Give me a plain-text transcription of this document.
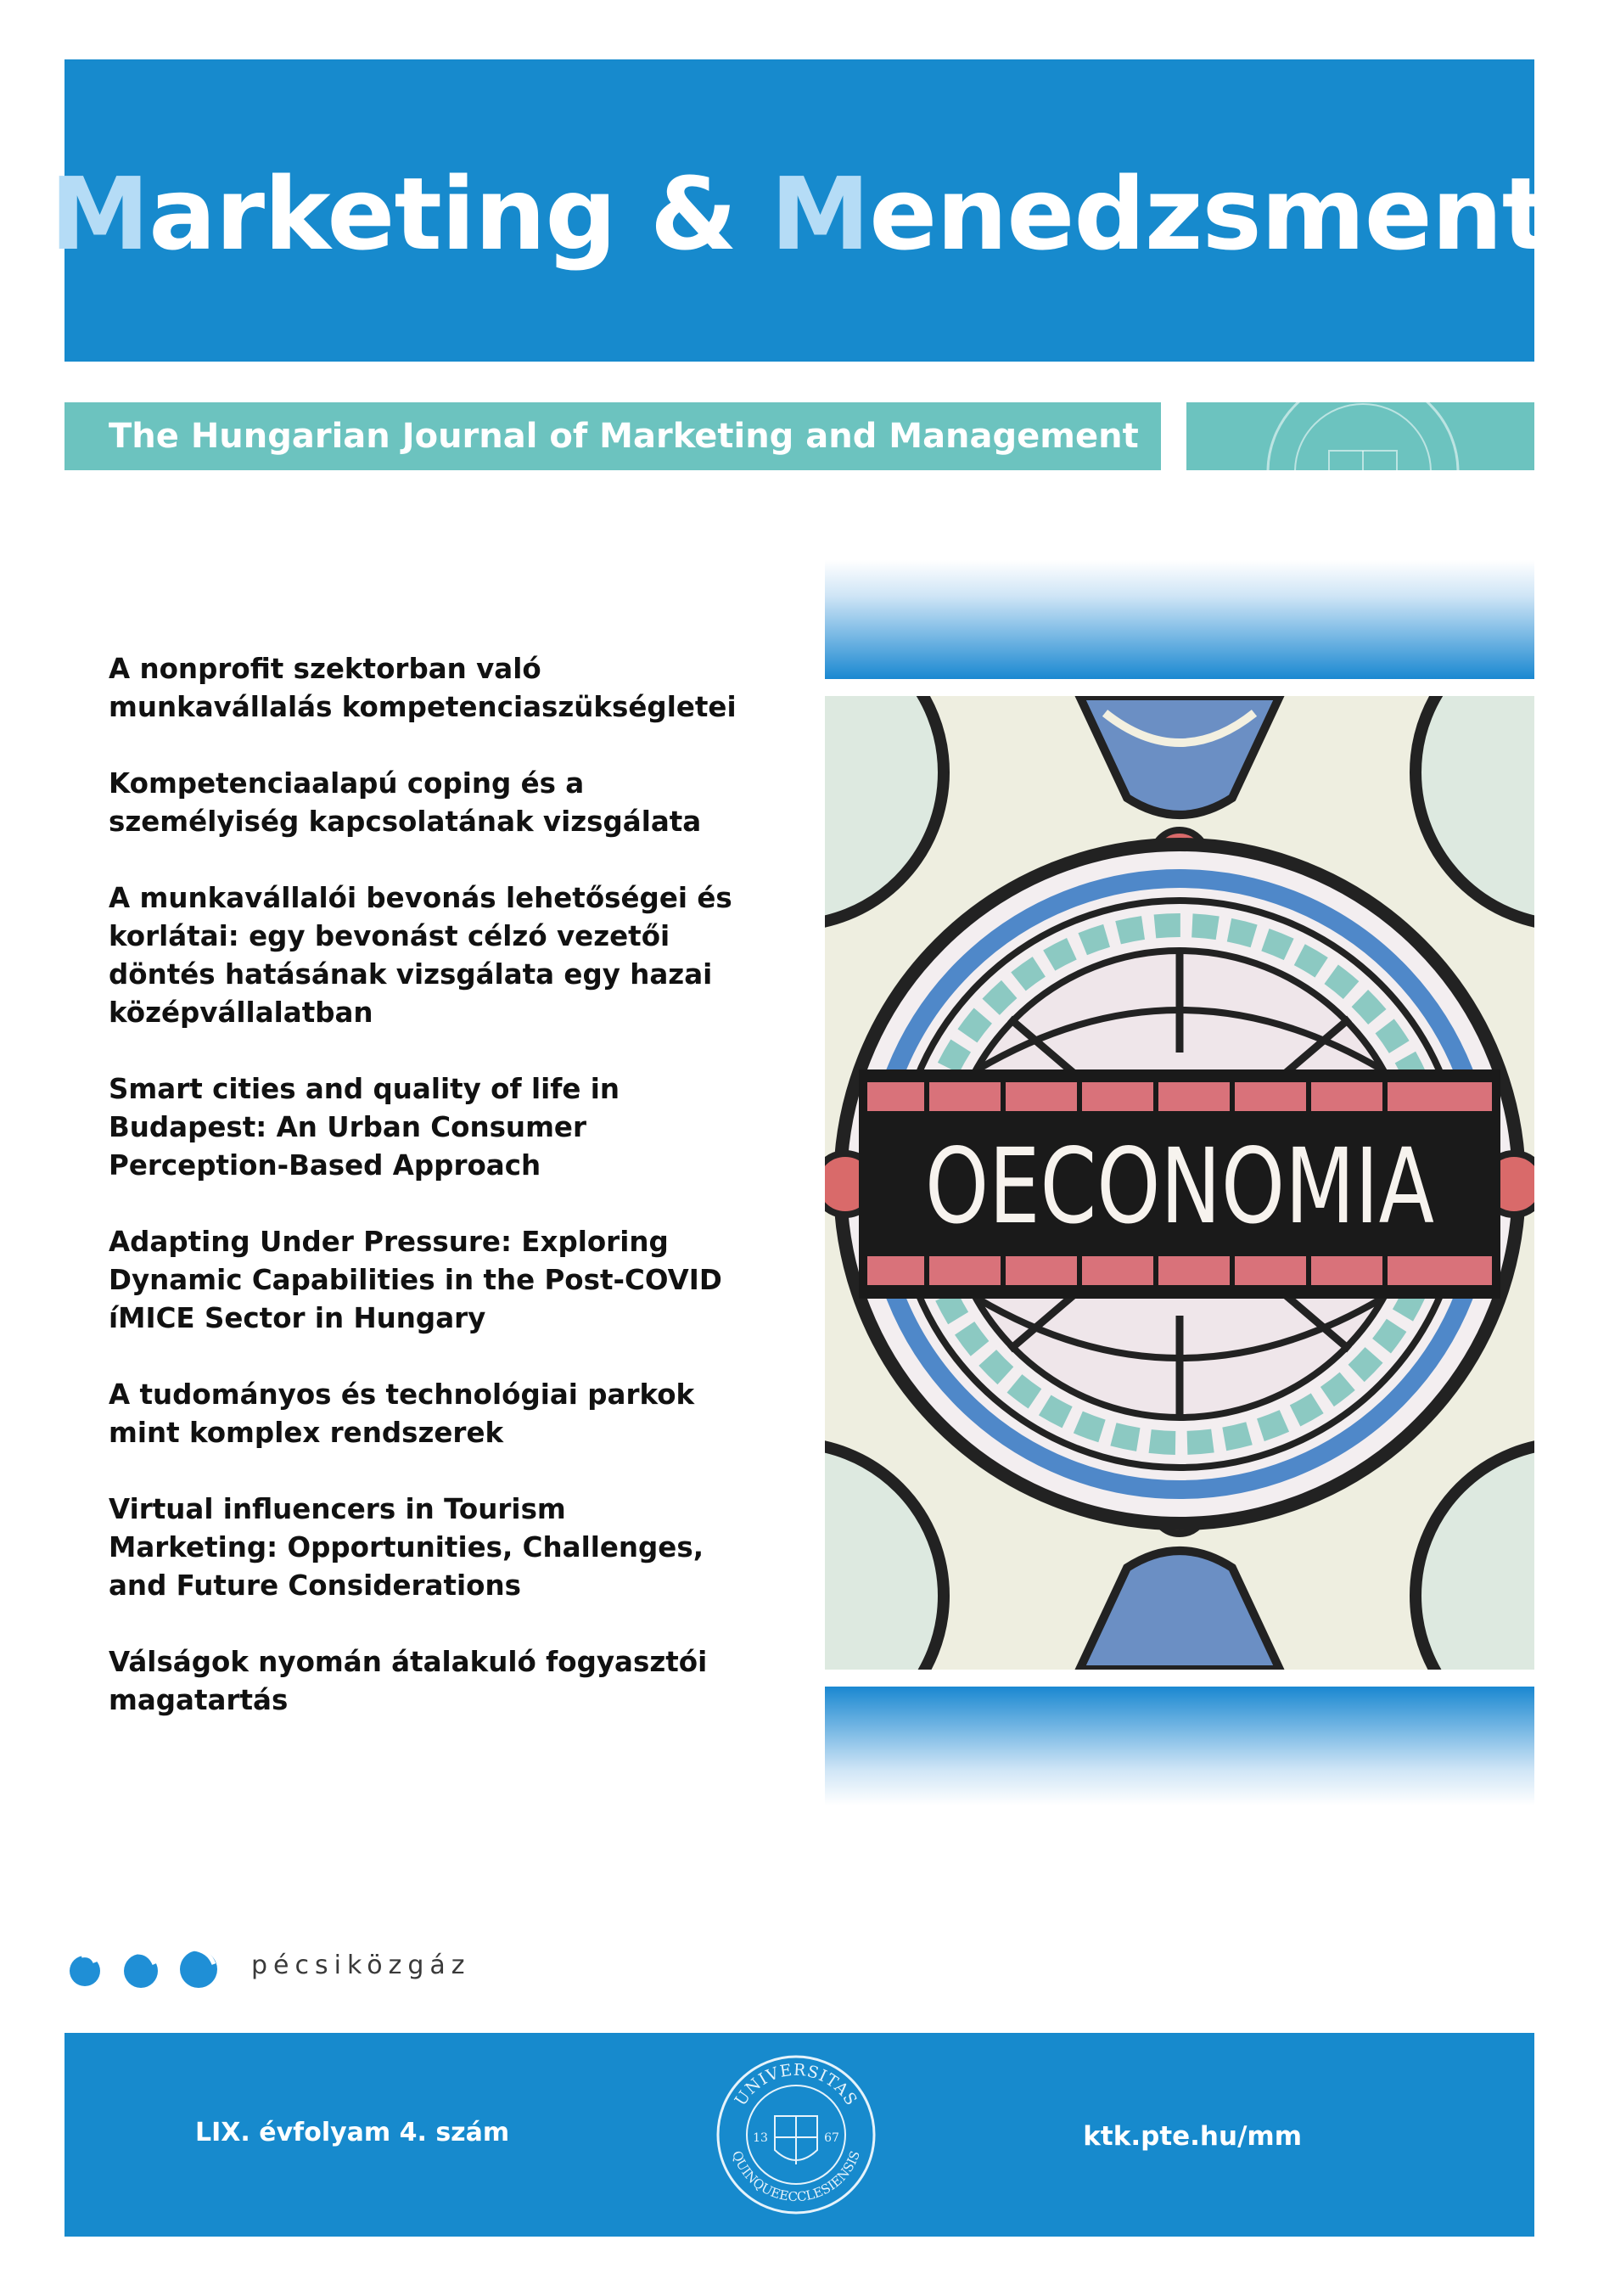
Marketing & Menedzsment
The Hungarian Journal of Marketing and Management
A nonprofit szektorban való munkavállalás kompetenciaszükségletei
Kompetenciaalapú coping és a személyiség kapcsolatának vizsgálata
A munkavállalói bevonás lehetőségei és korlátai: egy bevonást célzó vezetői döntés hatásának vizsgálata egy hazai középvállalatban
Smart cities and quality of life in Budapest: An Urban Consumer Perception-Based Approach
Adapting Under Pressure: Exploring Dynamic Capabilities in the Post-COVID íMICE Sector in Hungary
A tudományos és technológiai parkok mint komplex rendszerek
Virtual influencers in Tourism Marketing: Opportunities, Challenges, and Future Considerations
Válságok nyomán átalakuló fogyasztói magatartás
OECONOMIA
pécsiközgáz
LIX. évfolyam 4. szám
UNIVERSITAS
QUINQUEECCLESIENSIS
13	67	ktk.pte.hu/mm
